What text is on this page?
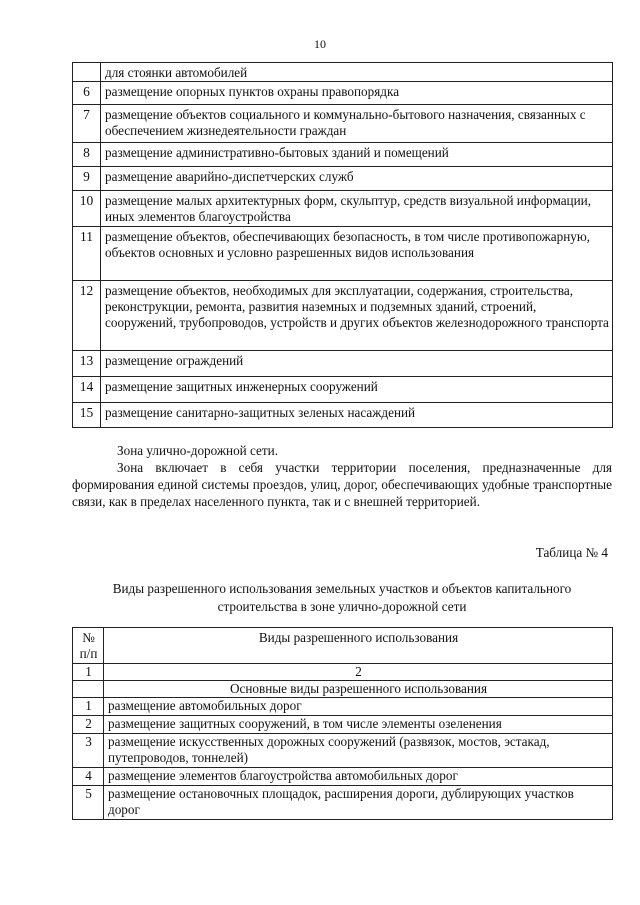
10
	для стоянки автомобилей
6	размещение опорных пунктов охраны правопорядка
7	размещение объектов социального и коммунально-бытового назначения, связанных с обеспечением жизнедеятельности граждан
8	размещение административно-бытовых зданий и помещений
9	размещение аварийно-диспетчерских служб
10	размещение малых архитектурных форм, скульптур, средств визуальной информации, иных элементов благоустройства
11	размещение объектов, обеспечивающих безопасность, в том числе противопожарную, объектов основных и условно разрешенных видов использования
12	размещение объектов, необходимых для эксплуатации, содержания, строительства, реконструкции, ремонта, развития наземных и подземных зданий, строений, сооружений, трубопроводов, устройств и других объектов железнодорожного транспорта
13	размещение ограждений
14	размещение защитных инженерных сооружений
15	размещение санитарно-защитных зеленых насаждений
Зона улично-дорожной сети.
Зона включает в себя участки территории поселения, предназначенные для формирования единой системы проездов, улиц, дорог, обеспечивающих удобные транспортные связи, как в пределах населенного пункта, так и с внешней территорией.
Таблица № 4
Виды разрешенного использования земельных участков и объектов капитального строительства в зоне улично-дорожной сети
№ п/п	Виды разрешенного использования
1	2
	Основные виды разрешенного использования
1	размещение автомобильных дорог
2	размещение защитных сооружений, в том числе элементы озеленения
3	размещение искусственных дорожных сооружений (развязок, мостов, эстакад, путепроводов, тоннелей)
4	размещение элементов благоустройства автомобильных дорог
5	размещение остановочных площадок, расширения дороги, дублирующих участков дорог
